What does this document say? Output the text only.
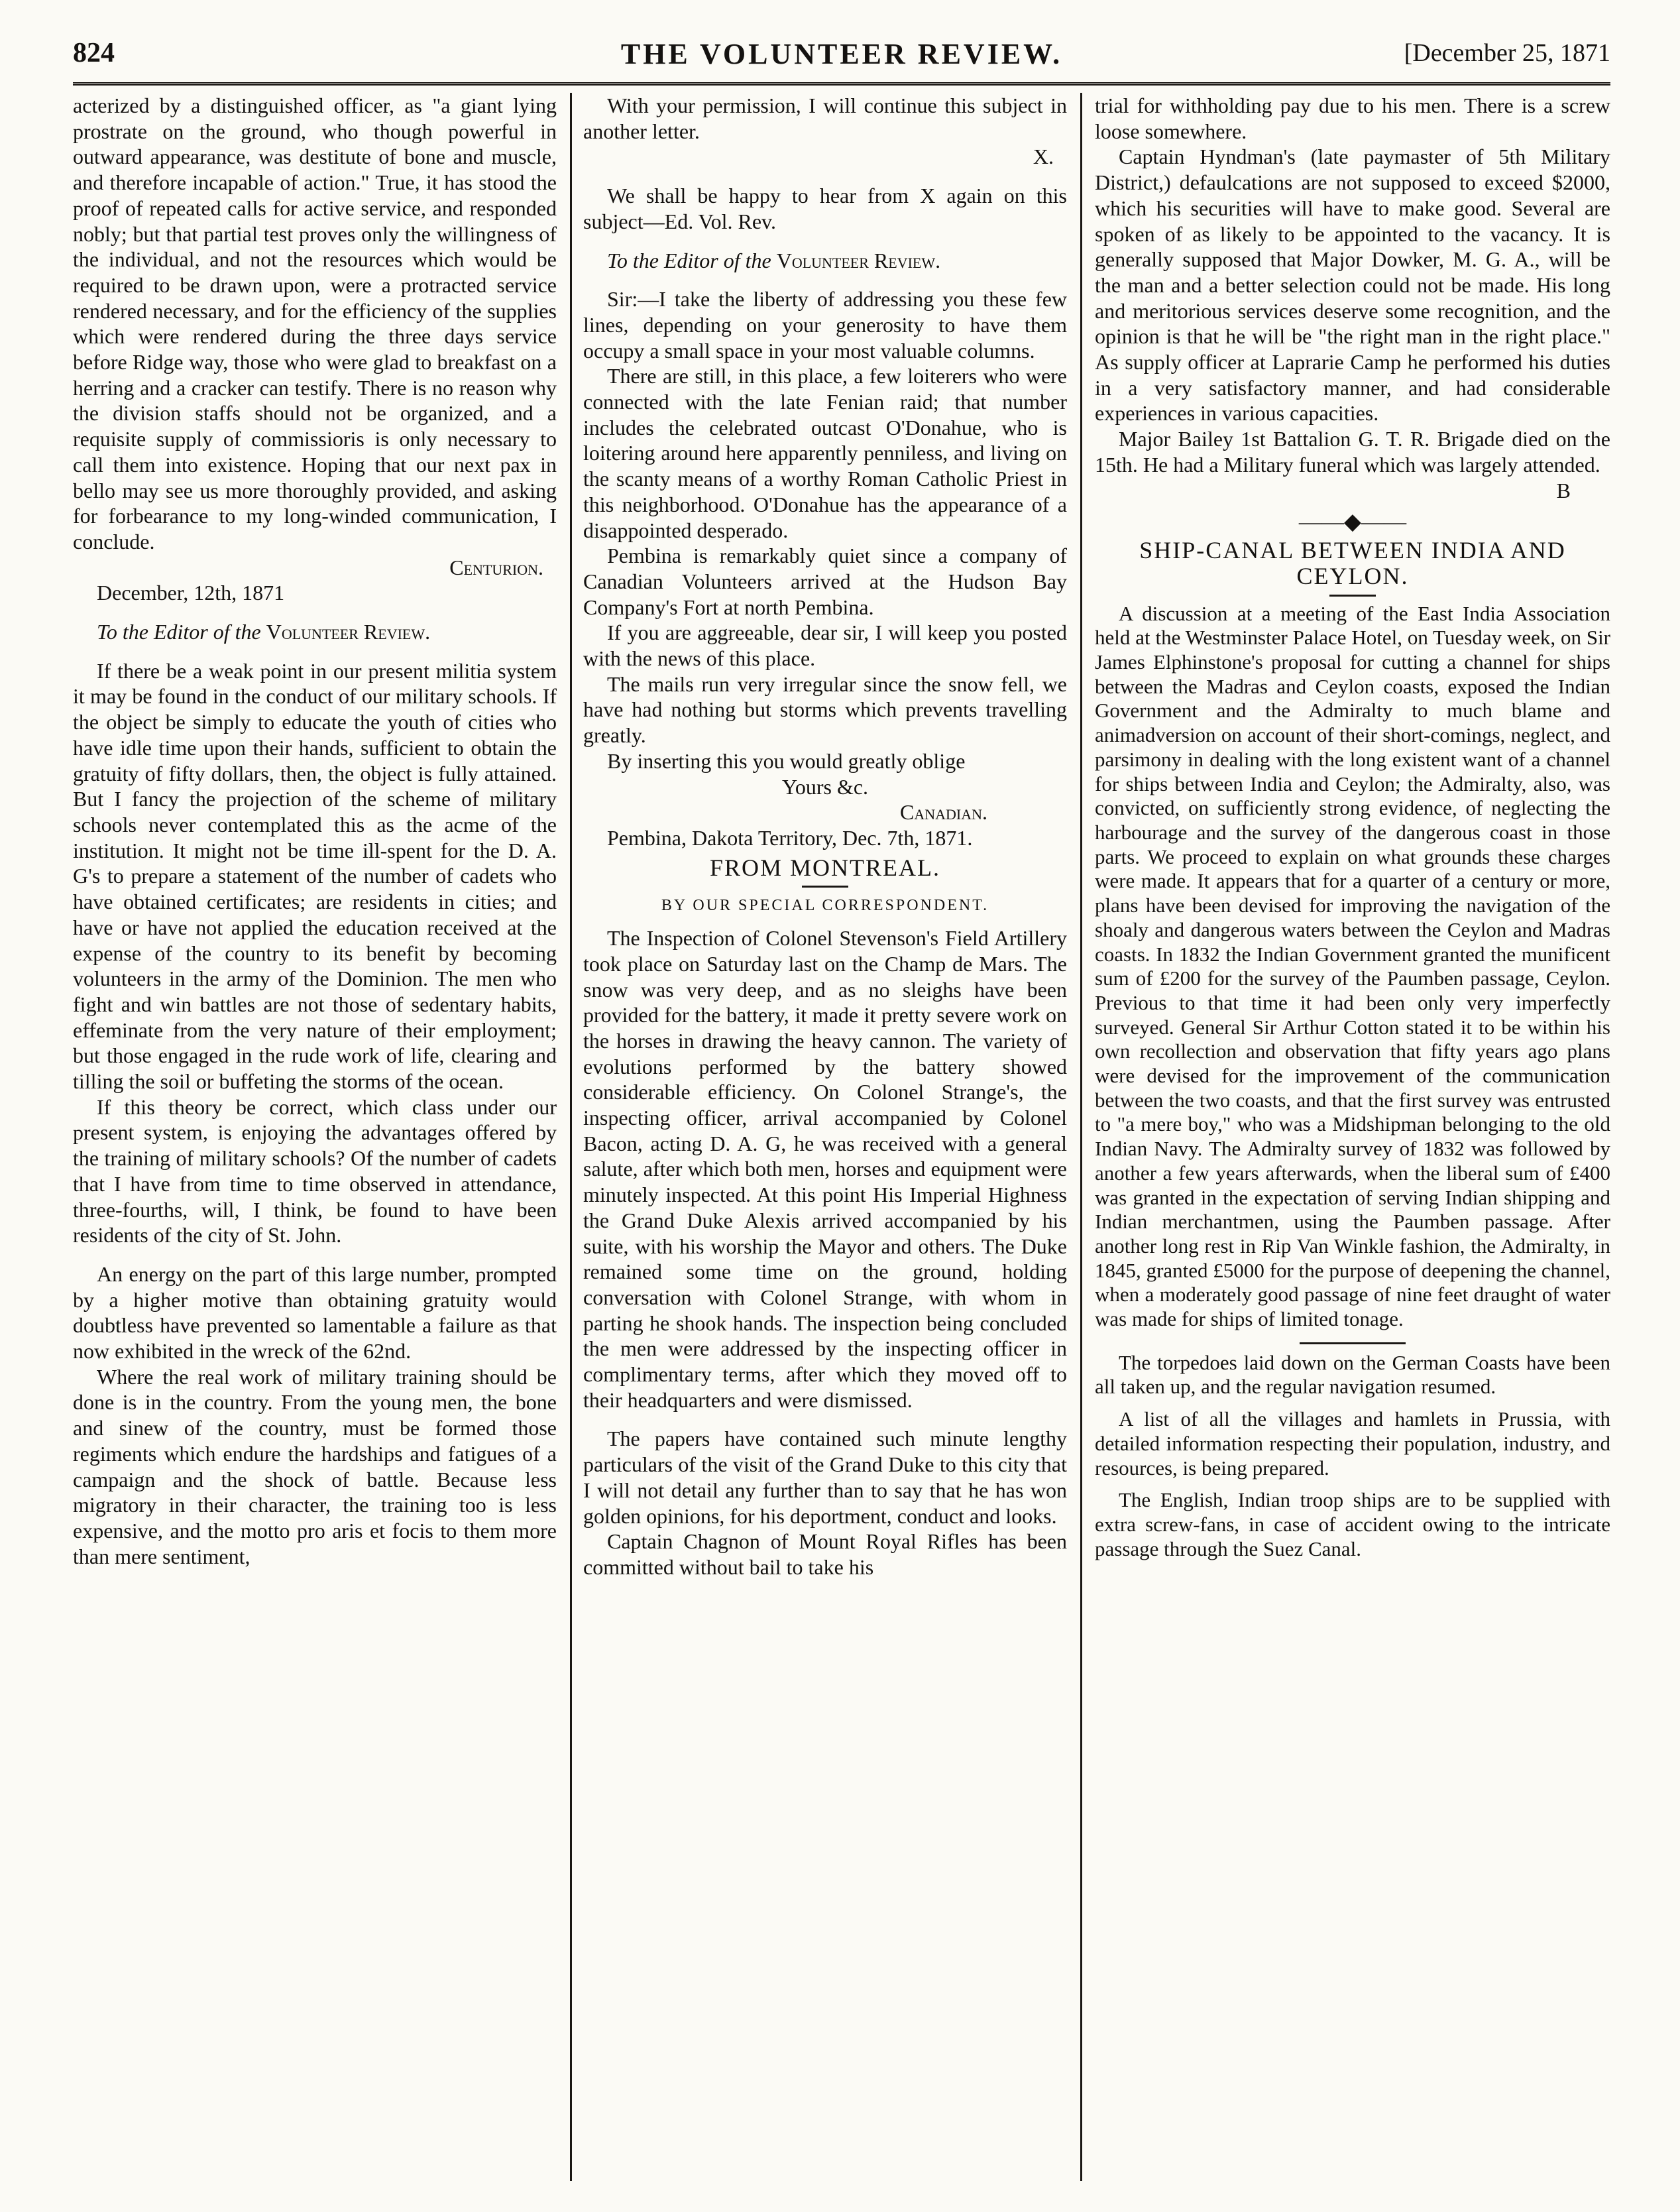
824	THE VOLUNTEER REVIEW.	[December 25, 1871

acterized by a distinguished officer, as "a giant lying prostrate on the ground, who though powerful in outward appearance, was destitute of bone and muscle, and therefore incapable of action." True, it has stood the proof of repeated calls for active service, and responded nobly; but that partial test proves only the willingness of the individual, and not the resources which would be required to be drawn upon, were a protracted service rendered necessary, and for the efficiency of the supplies which were rendered during the three days service before Ridge way, those who were glad to breakfast on a herring and a cracker can testify. There is no reason why the division staffs should not be organized, and a requisite supply of commissioris is only necessary to call them into existence. Hoping that our next pax in bello may see us more thoroughly provided, and asking for forbearance to my long-winded communication, I conclude.

Centurion.

December, 12th, 1871

To the Editor of the Volunteer Review.

If there be a weak point in our present militia system it may be found in the conduct of our military schools. If the object be simply to educate the youth of cities who have idle time upon their hands, sufficient to obtain the gratuity of fifty dollars, then, the object is fully attained. But I fancy the projection of the scheme of military schools never contemplated this as the acme of the institution. It might not be time ill-spent for the D. A. G's to prepare a statement of the number of cadets who have obtained certificates; are residents in cities; and have or have not applied the education received at the expense of the country to its benefit by becoming volunteers in the army of the Dominion. The men who fight and win battles are not those of sedentary habits, effeminate from the very nature of their employment; but those engaged in the rude work of life, clearing and tilling the soil or buffeting the storms of the ocean.

If this theory be correct, which class under our present system, is enjoying the advantages offered by the training of military schools? Of the number of cadets that I have from time to time observed in attendance, three-fourths, will, I think, be found to have been residents of the city of St. John.

An energy on the part of this large number, prompted by a higher motive than obtaining gratuity would doubtless have prevented so lamentable a failure as that now exhibited in the wreck of the 62nd.

Where the real work of military training should be done is in the country. From the young men, the bone and sinew of the country, must be formed those regiments which endure the hardships and fatigues of a campaign and the shock of battle. Because less migratory in their character, the training too is less expensive, and the motto pro aris et focis to them more than mere sentiment,

With your permission, I will continue this subject in another letter.

X.

We shall be happy to hear from X again on this subject—Ed. Vol. Rev.

To the Editor of the Volunteer Review.

Sir:—I take the liberty of addressing you these few lines, depending on your generosity to have them occupy a small space in your most valuable columns.

There are still, in this place, a few loiterers who were connected with the late Fenian raid; that number includes the celebrated outcast O'Donahue, who is loitering around here apparently penniless, and living on the scanty means of a worthy Roman Catholic Priest in this neighborhood. O'Donahue has the appearance of a disappointed desperado.

Pembina is remarkably quiet since a company of Canadian Volunteers arrived at the Hudson Bay Company's Fort at north Pembina.

If you are aggreeable, dear sir, I will keep you posted with the news of this place.

The mails run very irregular since the snow fell, we have had nothing but storms which prevents travelling greatly.

By inserting this you would greatly oblige

Yours &c.

Canadian.

Pembina, Dakota Territory, Dec. 7th, 1871.

FROM MONTREAL.

BY OUR SPECIAL CORRESPONDENT.

The Inspection of Colonel Stevenson's Field Artillery took place on Saturday last on the Champ de Mars. The snow was very deep, and as no sleighs have been provided for the battery, it made it pretty severe work on the horses in drawing the heavy cannon. The variety of evolutions performed by the battery showed considerable efficiency. On Colonel Strange's, the inspecting officer, arrival accompanied by Colonel Bacon, acting D. A. G, he was received with a general salute, after which both men, horses and equipment were minutely inspected. At this point His Imperial Highness the Grand Duke Alexis arrived accompanied by his suite, with his worship the Mayor and others. The Duke remained some time on the ground, holding conversation with Colonel Strange, with whom in parting he shook hands. The inspection being concluded the men were addressed by the inspecting officer in complimentary terms, after which they moved off to their headquarters and were dismissed.

The papers have contained such minute lengthy particulars of the visit of the Grand Duke to this city that I will not detail any further than to say that he has won golden opinions, for his deportment, conduct and looks.

Captain Chagnon of Mount Royal Rifles has been committed without bail to take his

trial for withholding pay due to his men. There is a screw loose somewhere.

Captain Hyndman's (late paymaster of 5th Military District,) defaulcations are not supposed to exceed $2000, which his securities will have to make good. Several are spoken of as likely to be appointed to the vacancy. It is generally supposed that Major Dowker, M. G. A., will be the man and a better selection could not be made. His long and meritorious services deserve some recognition, and the opinion is that he will be "the right man in the right place." As supply officer at Laprarie Camp he performed his duties in a very satisfactory manner, and had considerable experiences in various capacities.

Major Bailey 1st Battalion G. T. R. Brigade died on the 15th. He had a Military funeral which was largely attended.

B

——◆——

SHIP-CANAL BETWEEN INDIA AND CEYLON.

A discussion at a meeting of the East India Association held at the Westminster Palace Hotel, on Tuesday week, on Sir James Elphinstone's proposal for cutting a channel for ships between the Madras and Ceylon coasts, exposed the Indian Government and the Admiralty to much blame and animadversion on account of their short-comings, neglect, and parsimony in dealing with the long existent want of a channel for ships between India and Ceylon; the Admiralty, also, was convicted, on sufficiently strong evidence, of neglecting the harbourage and the survey of the dangerous coast in those parts. We proceed to explain on what grounds these charges were made. It appears that for a quarter of a century or more, plans have been devised for improving the navigation of the shoaly and dangerous waters between the Ceylon and Madras coasts. In 1832 the Indian Government granted the munificent sum of £200 for the survey of the Paumben passage, Ceylon. Previous to that time it had been only very imperfectly surveyed. General Sir Arthur Cotton stated it to be within his own recollection and observation that fifty years ago plans were devised for the improvement of the communication between the two coasts, and that the first survey was entrusted to "a mere boy," who was a Midshipman belonging to the old Indian Navy. The Admiralty survey of 1832 was followed by another a few years afterwards, when the liberal sum of £400 was granted in the expectation of serving Indian shipping and Indian merchantmen, using the Paumben passage. After another long rest in Rip Van Winkle fashion, the Admiralty, in 1845, granted £5000 for the purpose of deepening the channel, when a moderately good passage of nine feet draught of water was made for ships of limited tonage.

The torpedoes laid down on the German Coasts have been all taken up, and the regular navigation resumed.

A list of all the villages and hamlets in Prussia, with detailed information respecting their population, industry, and resources, is being prepared.

The English, Indian troop ships are to be supplied with extra screw-fans, in case of accident owing to the intricate passage through the Suez Canal.
